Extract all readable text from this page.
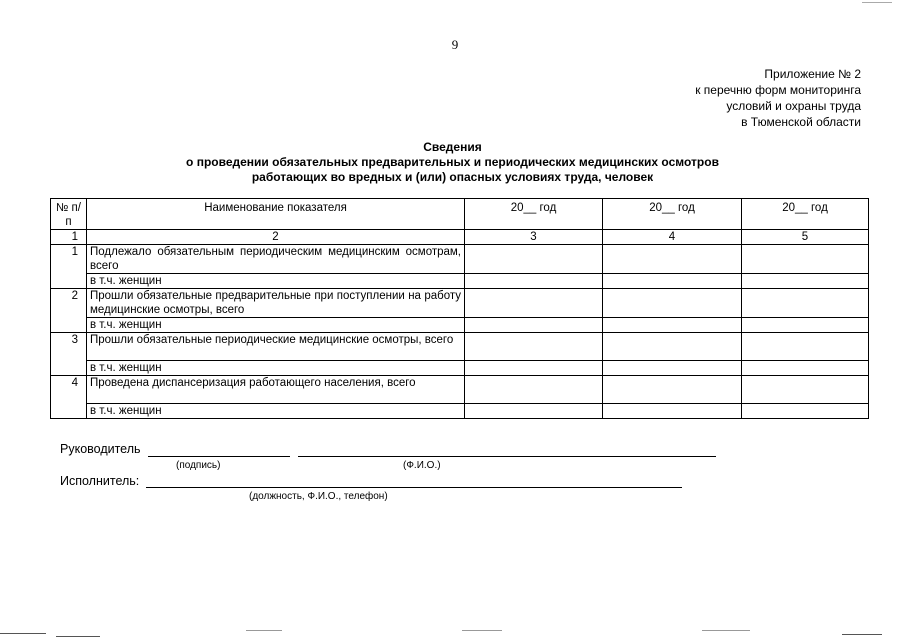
9
Приложение № 2
к перечню форм мониторинга
условий и охраны труда
в Тюменской области
Сведения
о проведении обязательных предварительных и периодических медицинских осмотров
работающих во вредных и (или) опасных условиях труда, человек
№ п/п	Наименование показателя	20__ год	20__ год	20__ год
1	2	3	4	5
1	Подлежало обязательным периодическим медицинским осмотрам, всего			
	в т.ч. женщин			
2	Прошли обязательные предварительные при поступлении на работу медицинские осмотры, всего			
	в т.ч. женщин			
3	Прошли обязательные периодические медицинские осмотры, всего			
	в т.ч. женщин			
4	Проведена диспансеризация работающего населения, всего			
	в т.ч. женщин			
Руководитель
(подпись)	(Ф.И.О.)
Исполнитель:
(должность, Ф.И.О., телефон)
